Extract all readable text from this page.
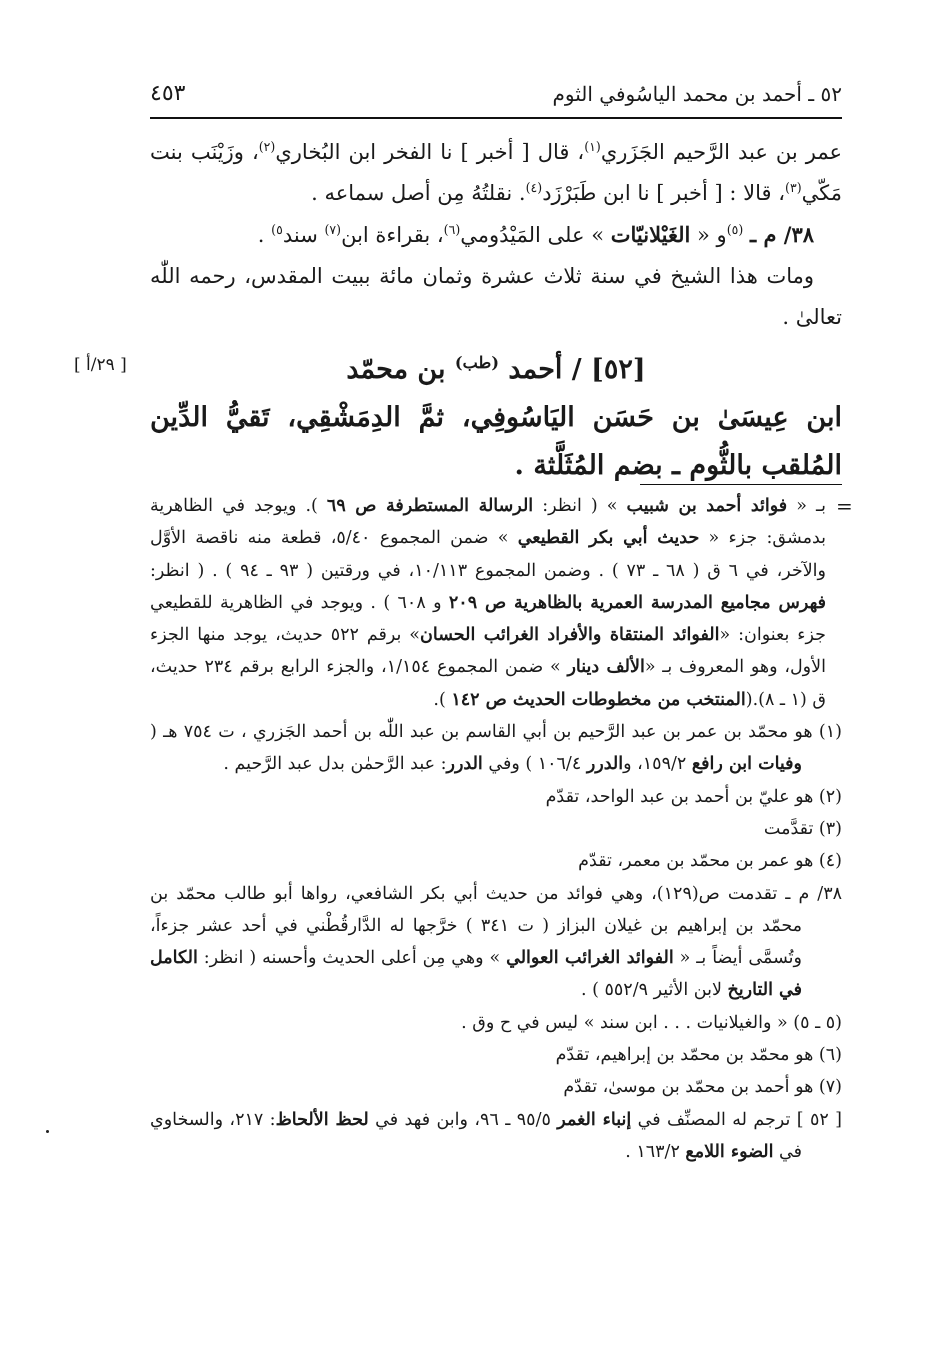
٥٢ ـ أحمد بن محمد الياسُوفي الثوم
٤٥٣

عمر بن عبد الرَّحيم الجَزَري$^{(١)}$، قال [ أخبر ] نا الفخر ابن البُخاري$^{(٢)}$، وزَيْنَب بنت مَكّي$^{(٣)}$، قالا : [ أخبر ] نا ابن طَبَرْزَد$^{(٤)}$. نقلتُهُ مِن أصل سماعه .

٣٨/ م ـ $^{(٥)}$و « الغَيْلانيّات » على المَيْدُومي$^{(٦)}$، بقراءة ابن$^{(٧)}$ سند$^{٥)}$ .

ومات هذا الشيخ في سنة ثلاث عشرة وثمان مائة ببيت المقدس، رحمه اللّٰه تعالىٰ .

[ ٢٩/أ ]	[٥٢] / أحمد $^{(طب)}$ بن محمّد
ابن عِيسَىٰ بن حَسَن اليَاسُوفِي، ثمَّ الدِمَشْقِي، تَقيُّ الدِّين المُلقب بالثُّوم ـ بضم المُثَلَّثة .
=

بـ « فوائد أحمد بن شبيب » ( انظر: الرسالة المستطرفة ص ٦٩ ). ويوجد في الظاهرية بدمشق: جزء « حديث أبي بكر القطيعي » ضمن المجموع ٥/٤٠، قطعة منه ناقصة الأوَّل والآخر، في ٦ ق ( ٦٨ ـ ٧٣ ) . وضمن المجموع ١٠/١١٣، في ورقتين ( ٩٣ ـ ٩٤ ) . ( انظر: فهرس مجاميع المدرسة العمرية بالظاهرية ص ٢٠٩ و ٦٠٨ ) . ويوجد في الظاهرية للقطيعي جزء بعنوان: «الفوائد المنتقاة والأفراد الغرائب الحسان» برقم ٥٢٢ حديث، يوجد منها الجزء الأول، وهو المعروف بـ «الألف دينار » ضمن المجموع ١/١٥٤، والجزء الرابع برقم ٢٣٤ حديث، ق (١ ـ ٨).(المنتخب من مخطوطات الحديث ص ١٤٢ ).

(١) هو محمّد بن عمر بن عبد الرَّحيم بن أبي القاسم بن عبد اللّٰه بن أحمد الجَزري ، ت ٧٥٤ هـ ( وفيات ابن رافع ١٥٩/٢، والدرر ١٠٦/٤ ) وفي الدرر: عبد الرَّحمٰن بدل عبد الرَّحيم .

(٢) هو عليّ بن أحمد بن عبد الواحد، تقدّم

(٣) تقدَّمت

(٤) هو عمر بن محمّد بن معمر، تقدّم

٣٨/ م ـ تقدمت ص(١٢٩)، وهي فوائد من حديث أبي بكر الشافعي، رواها أبو طالب محمّد بن محمّد بن إبراهيم بن غيلان البزاز ( ت ٣٤١ ) خرَّجها له الدَّارقُطْني في أحد عشر جزءاً، وتُسمَّى أيضاً بـ « الفوائد الغرائب العوالي » وهي مِن أعلى الحديث وأحسنه ( انظر: الكامل في التاريخ لابن الأثير ٥٥٢/٩ ) .

(٥ ـ ٥) « والغيلانيات . . . ابن سند » ليس في ح وق .

(٦) هو محمّد بن محمّد بن إبراهيم، تقدّم

(٧) هو أحمد بن محمّد بن موسىٰ، تقدّم

[ ٥٢ ] ترجم له المصنِّف في إنباء الغمر ٩٥/٥ ـ ٩٦، وابن فهد في لحظ الألحاظ: ٢١٧، والسخاوي في الضوء اللامع ١٦٣/٢ .
